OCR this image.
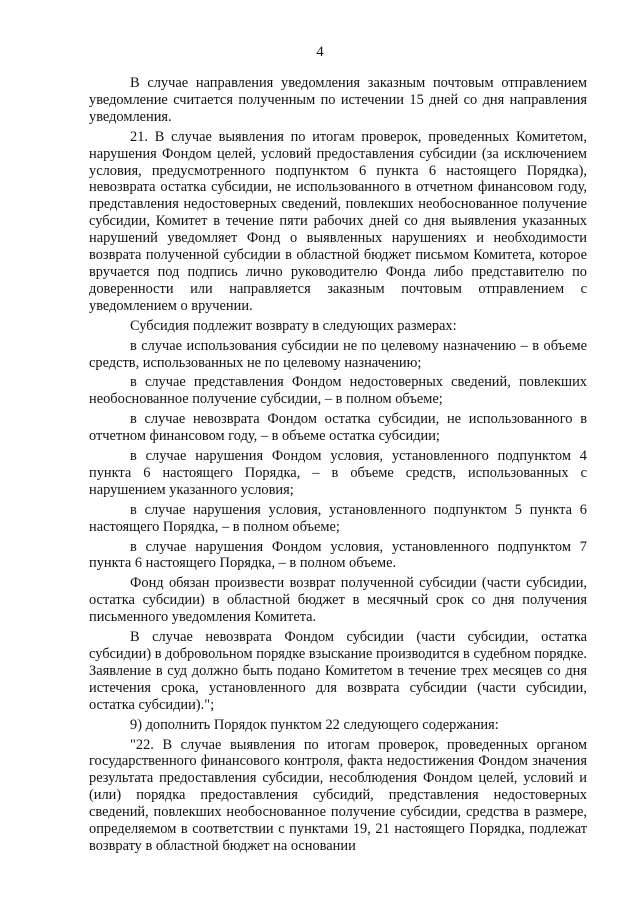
4

В случае направления уведомления заказным почтовым отправлением уведомление считается полученным по истечении 15 дней со дня направления уведомления.

21. В случае выявления по итогам проверок, проведенных Комитетом, нарушения Фондом целей, условий предоставления субсидии (за исключением условия, предусмотренного подпунктом 6 пункта 6 настоящего Порядка), невозврата остатка субсидии, не использованного в отчетном финансовом году, представления недостоверных сведений, повлекших необоснованное получение субсидии, Комитет в течение пяти рабочих дней со дня выявления указанных нарушений уведомляет Фонд о выявленных нарушениях и необходимости возврата полученной субсидии в областной бюджет письмом Комитета, которое вручается под подпись лично руководителю Фонда либо представителю по доверенности или направляется заказным почтовым отправлением с уведомлением о вручении.

Субсидия подлежит возврату в следующих размерах:

в случае использования субсидии не по целевому назначению – в объеме средств, использованных не по целевому назначению;

в случае представления Фондом недостоверных сведений, повлекших необоснованное получение субсидии, – в полном объеме;

в случае невозврата Фондом остатка субсидии, не использованного в отчетном финансовом году, – в объеме остатка субсидии;

в случае нарушения Фондом условия, установленного подпунктом 4 пункта 6 настоящего Порядка, – в объеме средств, использованных с нарушением указанного условия;

в случае нарушения условия, установленного подпунктом 5 пункта 6 настоящего Порядка, – в полном объеме;

в случае нарушения Фондом условия, установленного подпунктом 7 пункта 6 настоящего Порядка, – в полном объеме.

Фонд обязан произвести возврат полученной субсидии (части субсидии, остатка субсидии) в областной бюджет в месячный срок со дня получения письменного уведомления Комитета.

В случае невозврата Фондом субсидии (части субсидии, остатка субсидии) в добровольном порядке взыскание производится в судебном порядке. Заявление в суд должно быть подано Комитетом в течение трех месяцев со дня истечения срока, установленного для возврата субсидии (части субсидии, остатка субсидии).";

9) дополнить Порядок пунктом 22 следующего содержания:

"22. В случае выявления по итогам проверок, проведенных органом государственного финансового контроля, факта недостижения Фондом значения результата предоставления субсидии, несоблюдения Фондом целей, условий и (или) порядка предоставления субсидий, представления недостоверных сведений, повлекших необоснованное получение субсидии, средства в размере, определяемом в соответствии с пунктами 19, 21 настоящего Порядка, подлежат возврату в областной бюджет на основании
